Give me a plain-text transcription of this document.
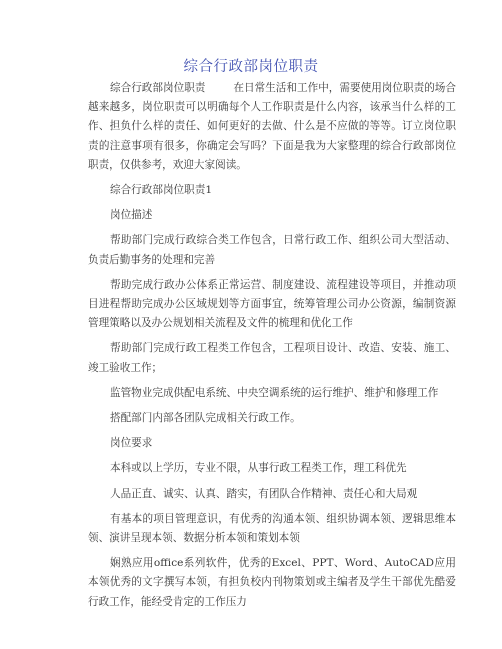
综合行政部岗位职责

综合行政部岗位职责	在日常生活和工作中，需要使用岗位职责的场合越来越多，岗位职责可以明确每个人工作职责是什么内容，该承当什么样的工作、担负什么样的责任、如何更好的去做、什么是不应做的等等。订立岗位职责的注意事项有很多，你确定会写吗？下面是我为大家整理的综合行政部岗位职责，仅供参考，欢迎大家阅读。

综合行政部岗位职责1

岗位描述

帮助部门完成行政综合类工作包含，日常行政工作、组织公司大型活动、负责后勤事务的处理和完善

帮助完成行政办公体系正常运营、制度建设、流程建设等项目，并推动项目进程帮助完成办公区域规划等方面事宜，统筹管理公司办公资源，编制资源管理策略以及办公规划相关流程及文件的梳理和优化工作

帮助部门完成行政工程类工作包含，工程项目设计、改造、安装、施工、竣工验收工作；

监管物业完成供配电系统、中央空调系统的运行维护、维护和修理工作

搭配部门内部各团队完成相关行政工作。

岗位要求

本科或以上学历，专业不限，从事行政工程类工作，理工科优先

人品正直、诚实、认真、踏实，有团队合作精神、责任心和大局观

有基本的项目管理意识，有优秀的沟通本领、组织协调本领、逻辑思维本领、演讲呈现本领、数据分析本领和策划本领

娴熟应用office系列软件，优秀的Excel、PPT、Word、AutoCAD应用本领优秀的文字撰写本领，有担负校内刊物策划或主编者及学生干部优先酷爱行政工作，能经受肯定的工作压力
